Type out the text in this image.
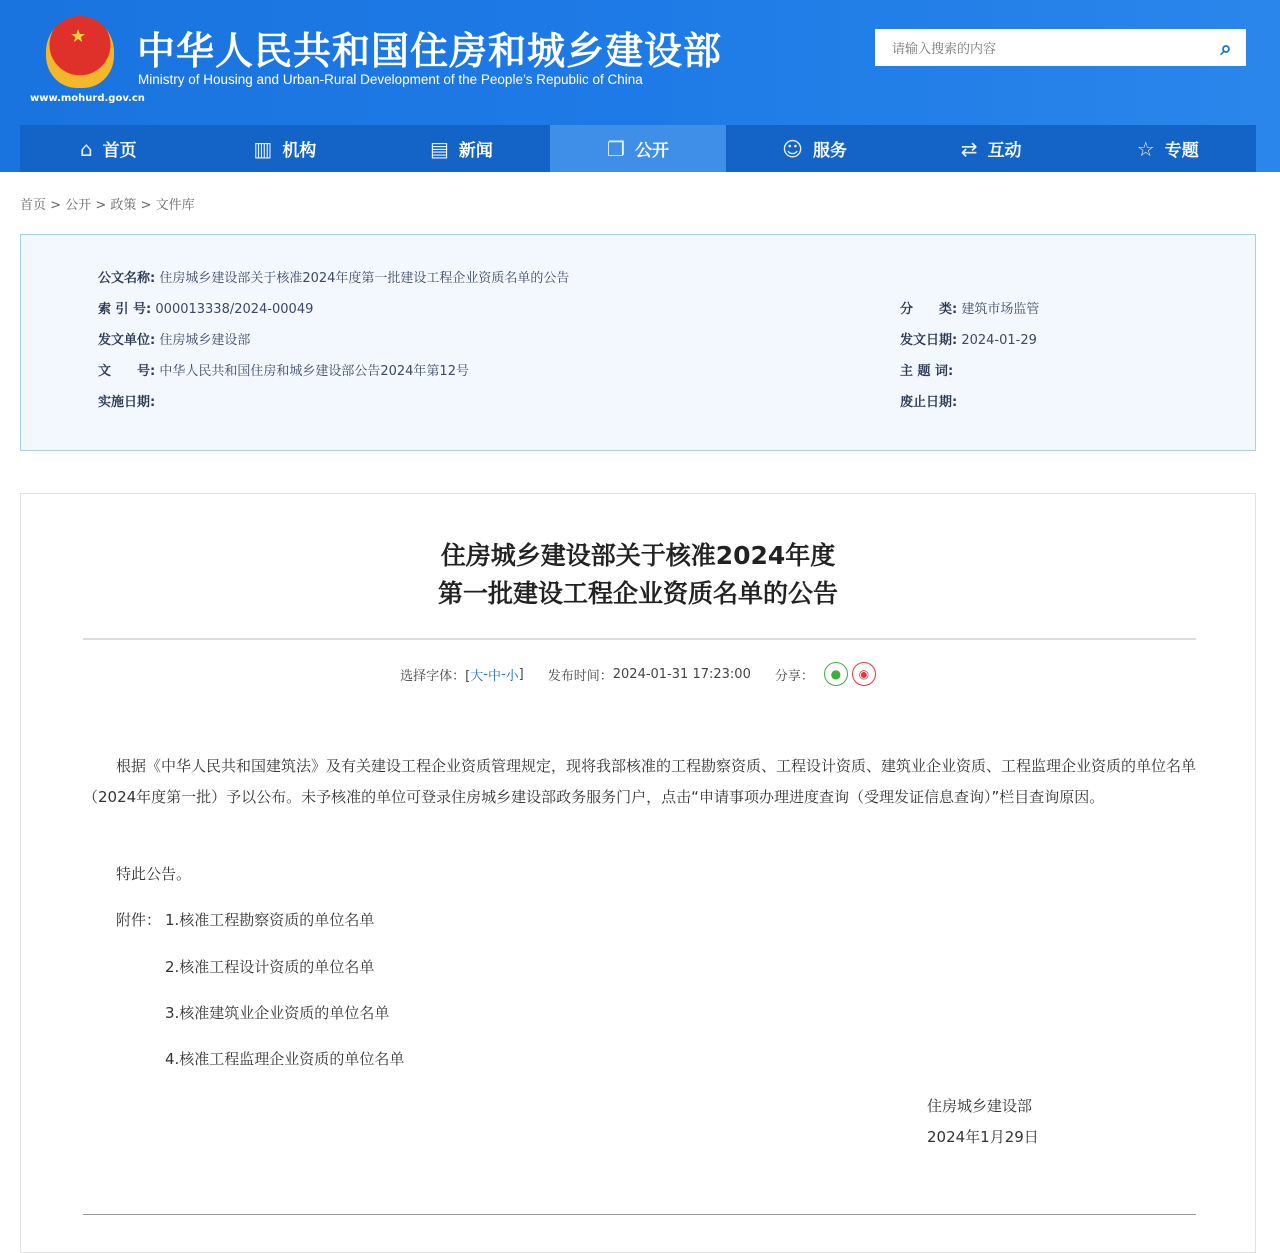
★
www.mohurd.gov.cn
中华人民共和国住房和城乡建设部
Ministry of Housing and Urban-Rural Development of the People’s Republic of China
请输入搜索的内容	⌕
⌂ 首页	▥ 机构	▤ 新闻	❐ 公开	☺ 服务	⇄ 互动	☆ 专题
首页 > 公开 > 政策 > 文件库
公文名称: 住房城乡建设部关于核准2024年度第一批建设工程企业资质名单的公告
索 引 号: 000013338/2024-00049	分　　类: 建筑市场监管
发文单位: 住房城乡建设部	发文日期: 2024-01-29
文　　号: 中华人民共和国住房和城乡建设部公告2024年第12号	主 题 词:
实施日期:	废止日期:
住房城乡建设部关于核准2024年度
第一批建设工程企业资质名单的公告
选择字体：[ 大 - 中 - 小 ] 发布时间： 2024-01-31 17:23:00 分享：	●	◉
根据《中华人民共和国建筑法》及有关建设工程企业资质管理规定，现将我部核准的工程勘察资质、工程设计资质、建筑业企业资质、工程监理企业资质的单位名单（2024年度第一批）予以公布。未予核准的单位可登录住房城乡建设部政务服务门户，点击“申请事项办理进度查询（受理发证信息查询）”栏目查询原因。
特此公告。
附件： 1.核准工程勘察资质的单位名单
2.核准工程设计资质的单位名单
3.核准建筑业企业资质的单位名单
4.核准工程监理企业资质的单位名单
住房城乡建设部
2024年1月29日
